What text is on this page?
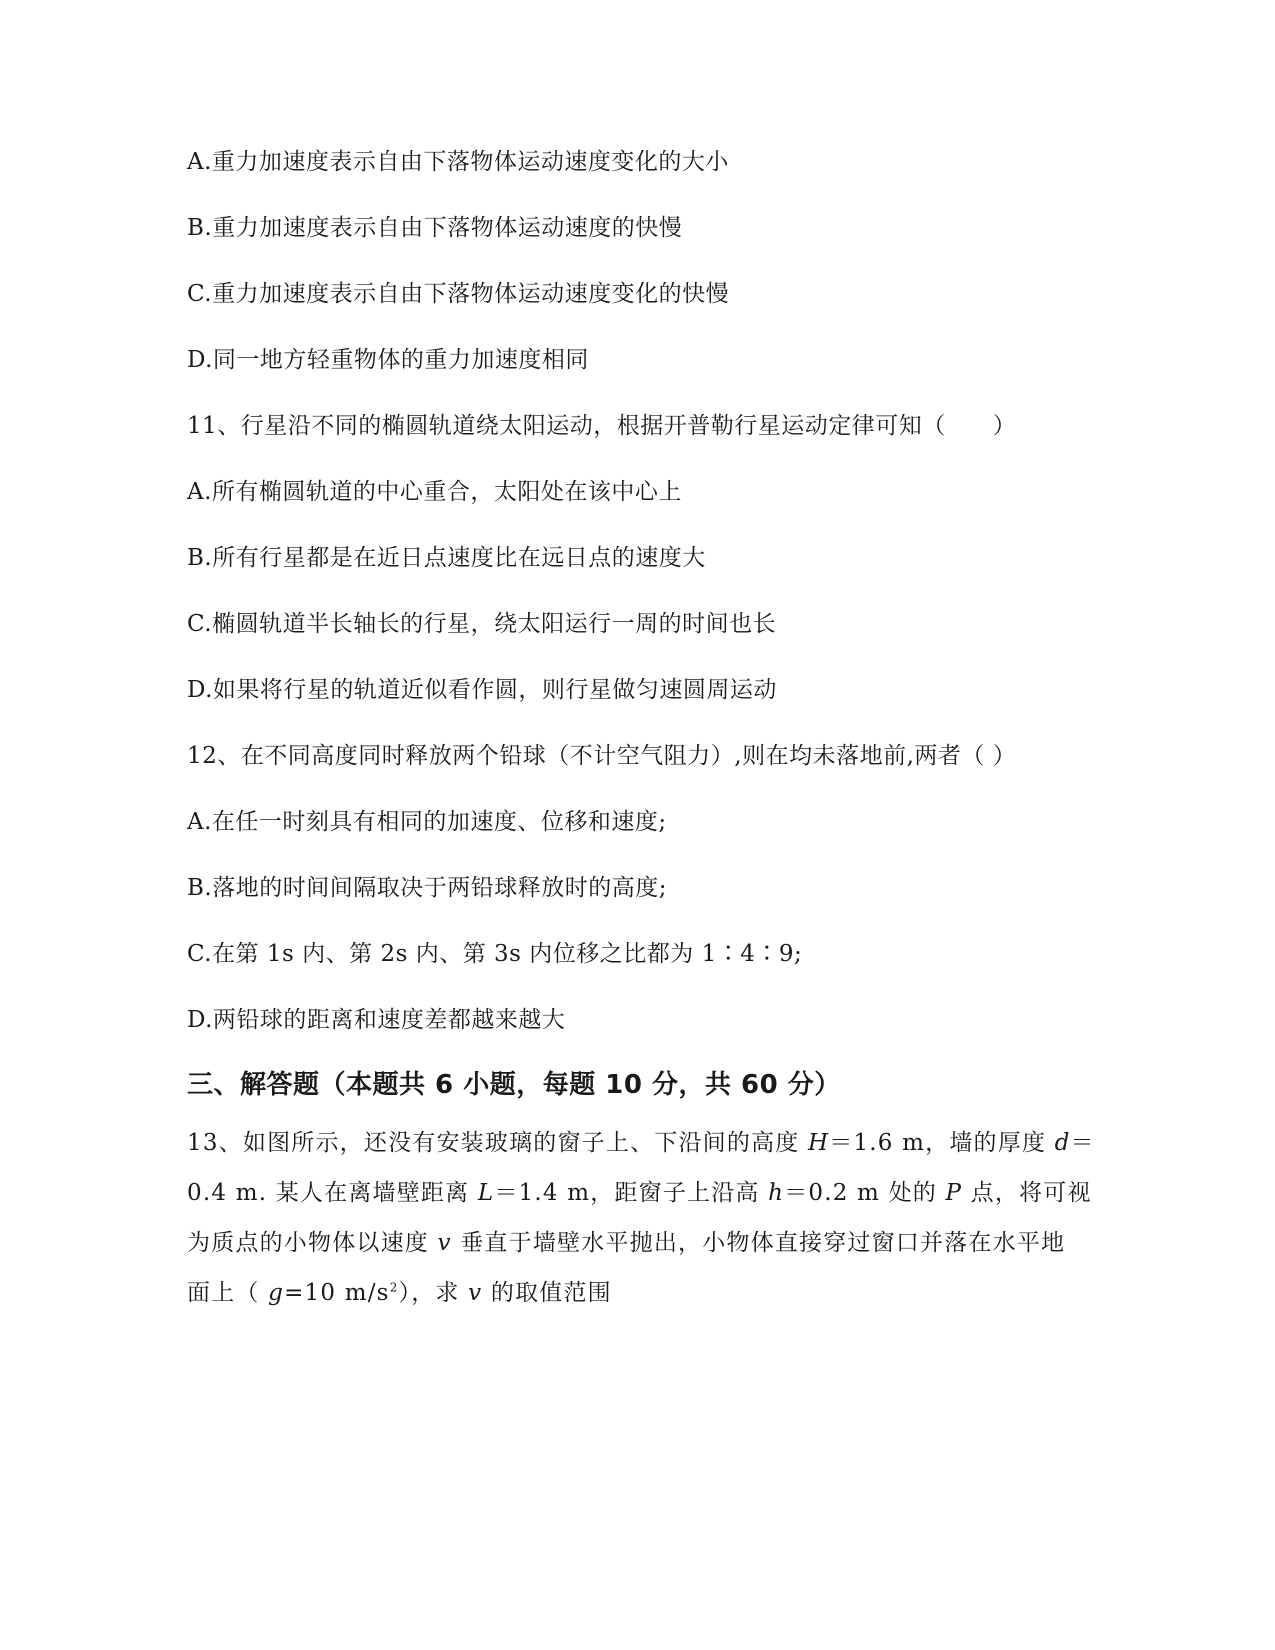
A.重力加速度表示自由下落物体运动速度变化的大小
B.重力加速度表示自由下落物体运动速度的快慢
C.重力加速度表示自由下落物体运动速度变化的快慢
D.同一地方轻重物体的重力加速度相同
11、行星沿不同的椭圆轨道绕太阳运动，根据开普勒行星运动定律可知（　　）
A.所有椭圆轨道的中心重合，太阳处在该中心上
B.所有行星都是在近日点速度比在远日点的速度大
C.椭圆轨道半长轴长的行星，绕太阳运行一周的时间也长
D.如果将行星的轨道近似看作圆，则行星做匀速圆周运动
12、在不同高度同时释放两个铅球（不计空气阻力）,则在均未落地前,两者（ ）
A.在任一时刻具有相同的加速度、位移和速度;
B.落地的时间间隔取决于两铅球释放时的高度;
C.在第 1s 内、第 2s 内、第 3s 内位移之比都为 1∶4∶9;
D.两铅球的距离和速度差都越来越大
三、解答题（本题共 6 小题，每题 10 分，共 60 分）
13、如图所示，还没有安装玻璃的窗子上、下沿间的高度 H＝1.6 m，墙的厚度 d＝
0.4 m. 某人在离墙壁距离 L＝1.4 m，距窗子上沿高 h＝0.2 m 处的 P 点，将可视
为质点的小物体以速度 v 垂直于墙壁水平抛出，小物体直接穿过窗口并落在水平地
面上（ g=10 $m/s^2$），求 v 的取值范围
